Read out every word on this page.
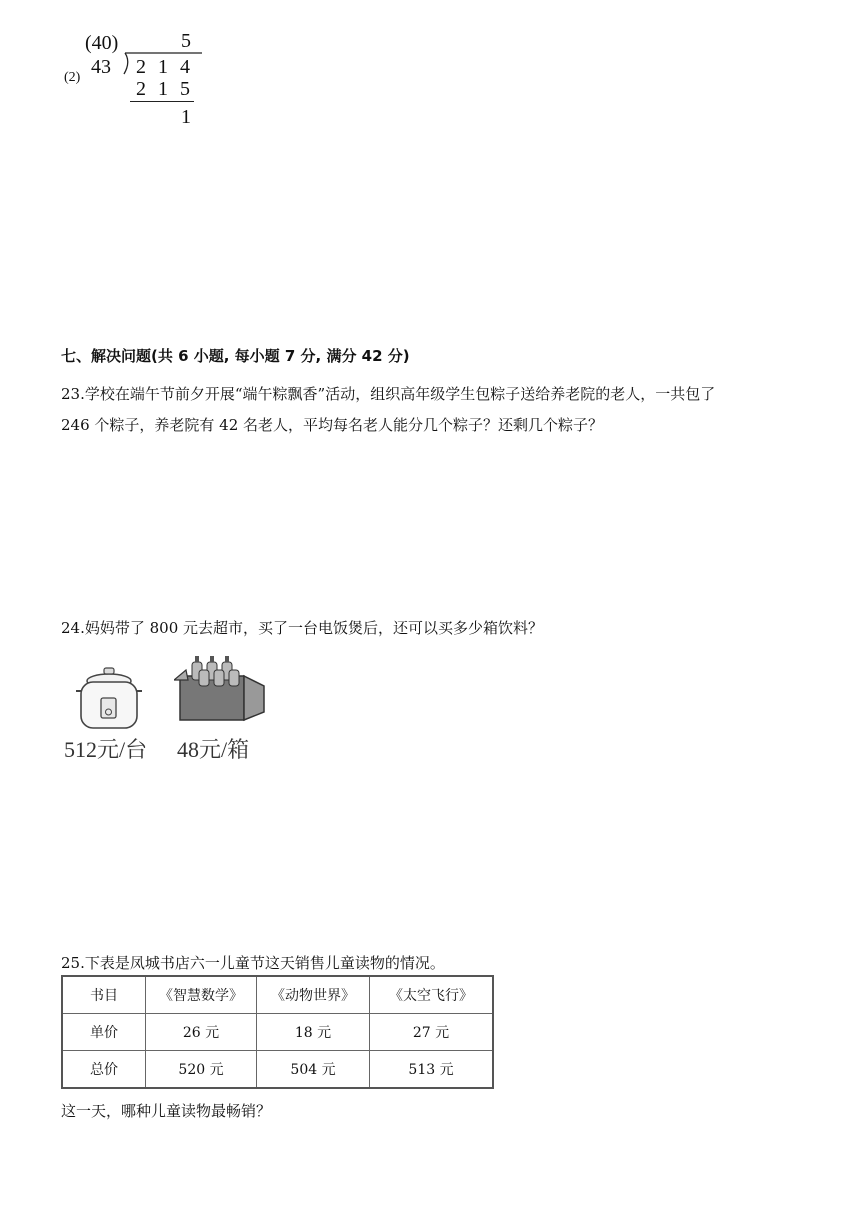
(2)
(40)
43
5
2 1 4
2 1 5
1
七、解决问题(共 6 小题, 每小题 7 分, 满分 42 分)
23.学校在端午节前夕开展“端午粽飘香”活动，组织高年级学生包粽子送给养老院的老人，一共包了
246 个粽子，养老院有 42 名老人，平均每名老人能分几个粽子？还剩几个粽子？
24.妈妈带了 800 元去超市，买了一台电饭煲后，还可以买多少箱饮料？
512元/台 48元/箱
25.下表是凤城书店六一儿童节这天销售儿童读物的情况。
书目	《智慧数学》	《动物世界》	《太空飞行》
单价	26 元	18 元	27 元
总价	520 元	504 元	513 元
这一天，哪种儿童读物最畅销？
